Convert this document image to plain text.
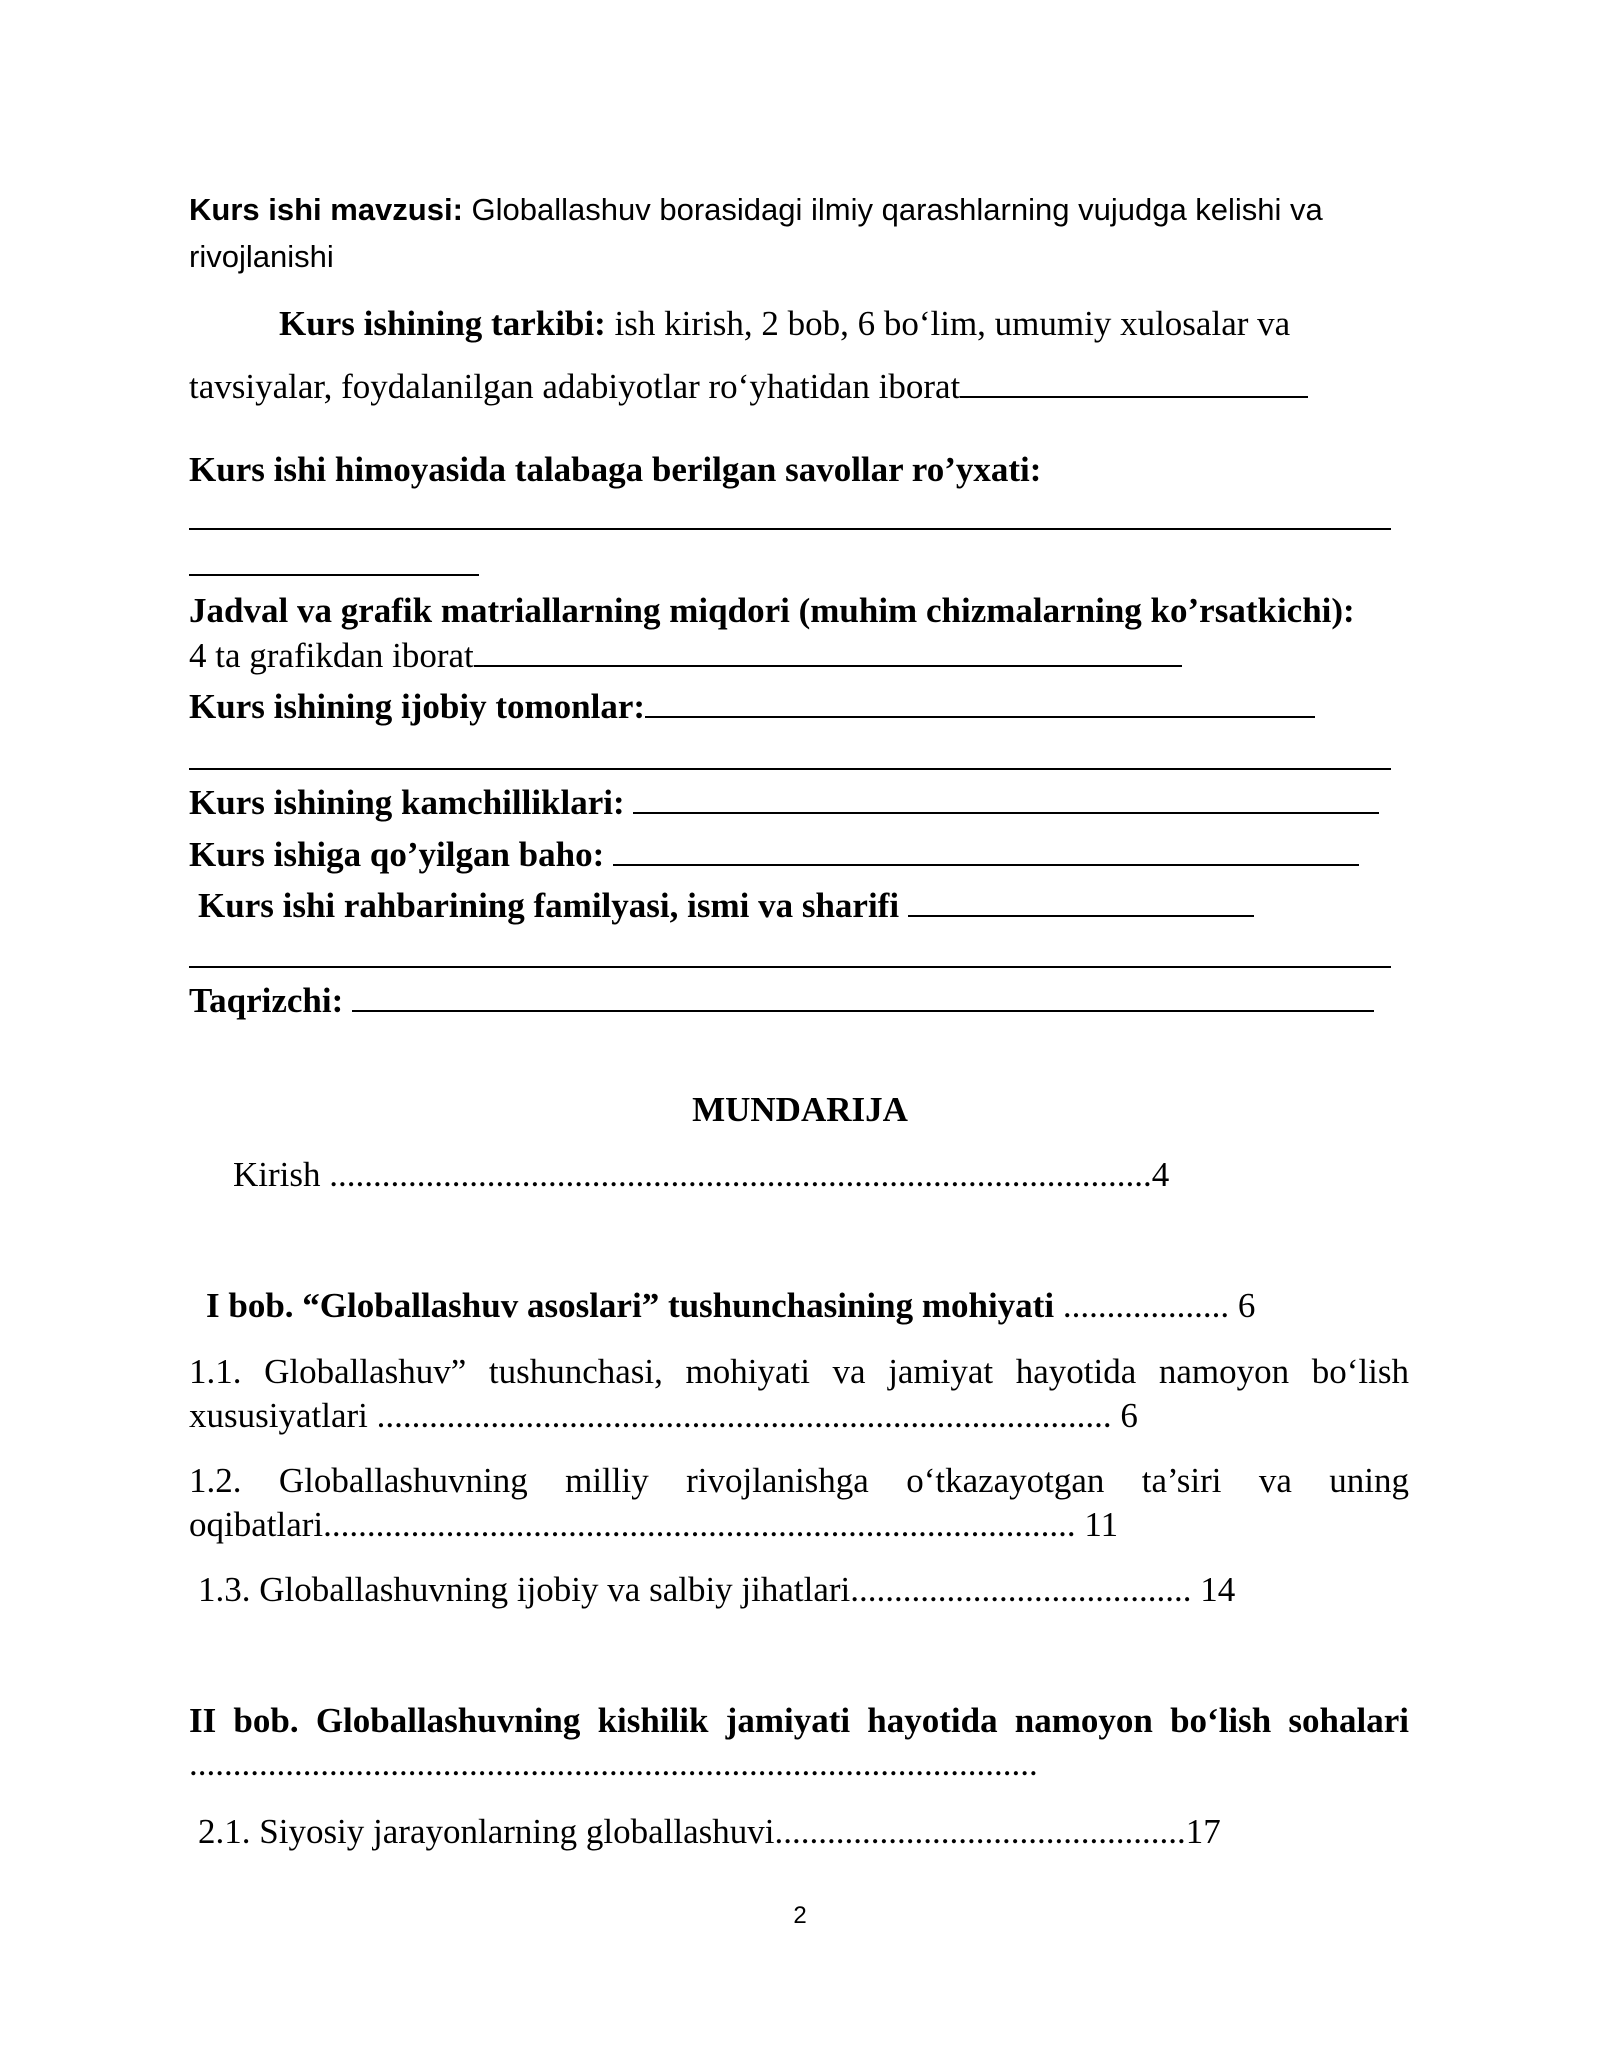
Kurs ishi mavzusi: Globallashuv borasidagi ilmiy qarashlarning vujudga kelishi va
rivojlanishi
Kurs ishining tarkibi: ish kirish, 2 bob, 6 bo‘lim, umumiy xulosalar va
tavsiyalar, foydalanilgan adabiyotlar ro‘yhatidan iborat
Kurs ishi himoyasida talabaga berilgan savollar ro’yxati:
Jadval va grafik matriallarning miqdori (muhim chizmalarning ko’rsatkichi):
4 ta grafikdan iborat
Kurs ishining ijobiy tomonlar:
Kurs ishining kamchilliklari:
Kurs ishiga qo’yilgan baho:
Kurs ishi rahbarining familyasi, ismi va sharifi
Taqrizchi:
MUNDARIJA
Kirish ..............................................................................................4
I bob. “Globallashuv asoslari” tushunchasining mohiyati ................... 6
1.1. Globallashuv” tushunchasi, mohiyati va jamiyat hayotida namoyon bo‘lish
xususiyatlari .................................................................................... 6
1.2. Globallashuvning milliy rivojlanishga o‘tkazayotgan ta’siri va uning
oqibatlari...................................................................................... 11
1.3. Globallashuvning ijobiy va salbiy jihatlari....................................... 14
II bob. Globallashuvning kishilik jamiyati hayotida namoyon bo‘lish sohalari
.................................................................................................
2.1. Siyosiy jarayonlarning globallashuvi...............................................17
2
